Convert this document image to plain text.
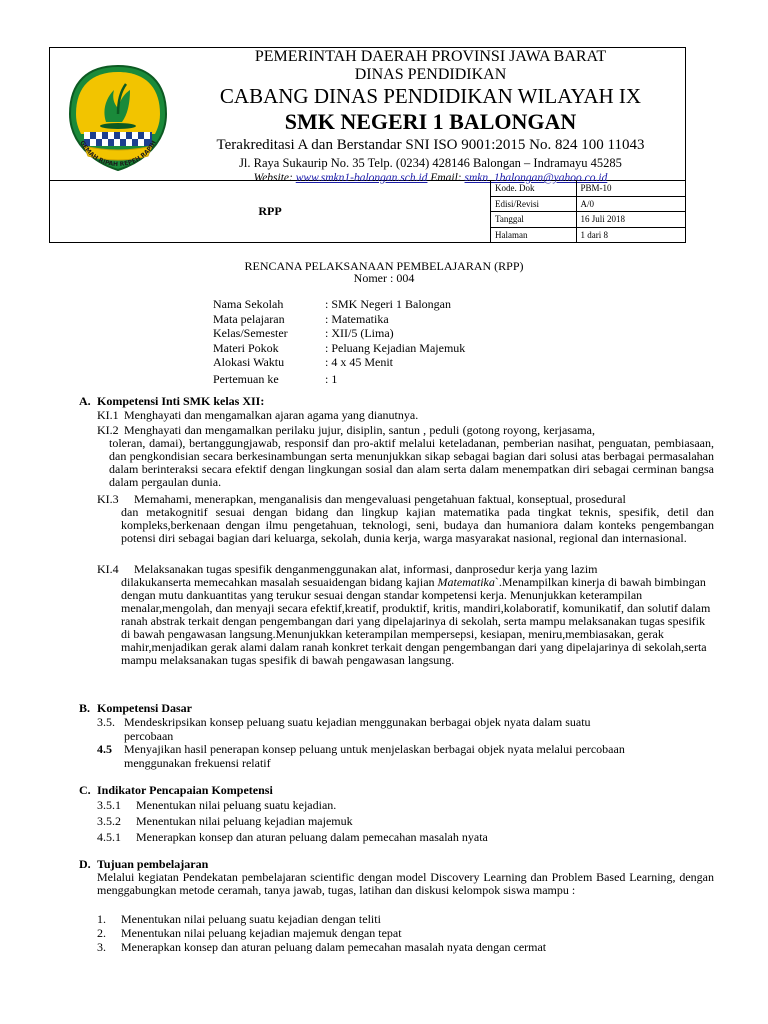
GEMAH RIPAH REPEH RAPIH
PEMERINTAH DAERAH PROVINSI JAWA BARAT
DINAS PENDIDIKAN
CABANG DINAS PENDIDIKAN WILAYAH IX
SMK NEGERI 1 BALONGAN
Terakreditasi A dan Berstandar SNI ISO 9001:2015 No. 824 100 11043
Jl. Raya Sukaurip No. 35 Telp. (0234) 428146 Balongan – Indramayu 45285
Website: www.smkn1-balongan.sch.id Email: smkn_1balongan@yahoo.co.id
RPP
Kode. Dok	PBM-10
Edisi/Revisi	A/0
Tanggal	16 Juli 2018
Halaman	1 dari 8
RENCANA PELAKSANAAN PEMBELAJARAN (RPP)
Nomer : 004
Nama Sekolah	: SMK Negeri 1 Balongan
Mata pelajaran	: Matematika
Kelas/Semester	: XII/5 (Lima)
Materi Pokok	: Peluang Kejadian Majemuk
Alokasi Waktu	: 4 x 45 Menit
Pertemuan ke	: 1
A. Kompetensi Inti SMK kelas XII:
KI.1 Menghayati dan mengamalkan ajaran agama yang dianutnya.
KI.2 Menghayati dan mengamalkan perilaku jujur, disiplin, santun , peduli (gotong royong, kerjasama,
toleran, damai), bertanggungjawab, responsif dan pro-aktif melalui keteladanan, pemberian nasihat, penguatan, pembiasaan, dan pengkondisian secara berkesinambungan serta menunjukkan sikap sebagai bagian dari solusi atas berbagai permasalahan dalam berinteraksi secara efektif dengan lingkungan sosial dan alam serta dalam menempatkan diri sebagai cerminan bangsa dalam pergaulan dunia.
KI.3 Memahami, menerapkan, menganalisis dan mengevaluasi pengetahuan faktual, konseptual, prosedural
dan metakognitif sesuai dengan bidang dan lingkup kajian matematika pada tingkat teknis, spesifik, detil dan kompleks,berkenaan dengan ilmu pengetahuan, teknologi, seni, budaya dan humaniora dalam konteks pengembangan potensi diri sebagai bagian dari keluarga, sekolah, dunia kerja, warga masyarakat nasional, regional dan internasional.
KI.4 Melaksanakan tugas spesifik denganmenggunakan alat, informasi, danprosedur kerja yang lazim
dilakukanserta memecahkan masalah sesuaidengan bidang kajian Matematika`.Menampilkan kinerja di bawah bimbingan dengan mutu dankuantitas yang terukur sesuai dengan standar kompetensi kerja. Menunjukkan keterampilan menalar,mengolah, dan menyaji secara efektif,kreatif, produktif, kritis, mandiri,kolaboratif, komunikatif, dan solutif dalam ranah abstrak terkait dengan pengembangan dari yang dipelajarinya di sekolah, serta mampu melaksanakan tugas spesifik di bawah pengawasan langsung.Menunjukkan keterampilan mempersepsi, kesiapan, meniru,membiasakan, gerak mahir,menjadikan gerak alami dalam ranah konkret terkait dengan pengembangan dari yang dipelajarinya di sekolah,serta mampu melaksanakan tugas spesifik di bawah pengawasan langsung.
B. Kompetensi Dasar
3.5. Mendeskripsikan konsep peluang suatu kejadian menggunakan berbagai objek nyata dalam suatu
percobaan
4.5 Menyajikan hasil penerapan konsep peluang untuk menjelaskan berbagai objek nyata melalui percobaan
menggunakan frekuensi relatif
C. Indikator Pencapaian Kompetensi
3.5.1 Menentukan nilai peluang suatu kejadian.
3.5.2 Menentukan nilai peluang kejadian majemuk
4.5.1 Menerapkan konsep dan aturan peluang dalam pemecahan masalah nyata
D. Tujuan pembelajaran
Melalui kegiatan Pendekatan pembelajaran scientific dengan model Discovery Learning dan Problem Based Learning, dengan menggabungkan metode ceramah, tanya jawab, tugas, latihan dan diskusi kelompok siswa mampu :
1. Menentukan nilai peluang suatu kejadian dengan teliti
2. Menentukan nilai peluang kejadian majemuk dengan tepat
3. Menerapkan konsep dan aturan peluang dalam pemecahan masalah nyata dengan cermat
